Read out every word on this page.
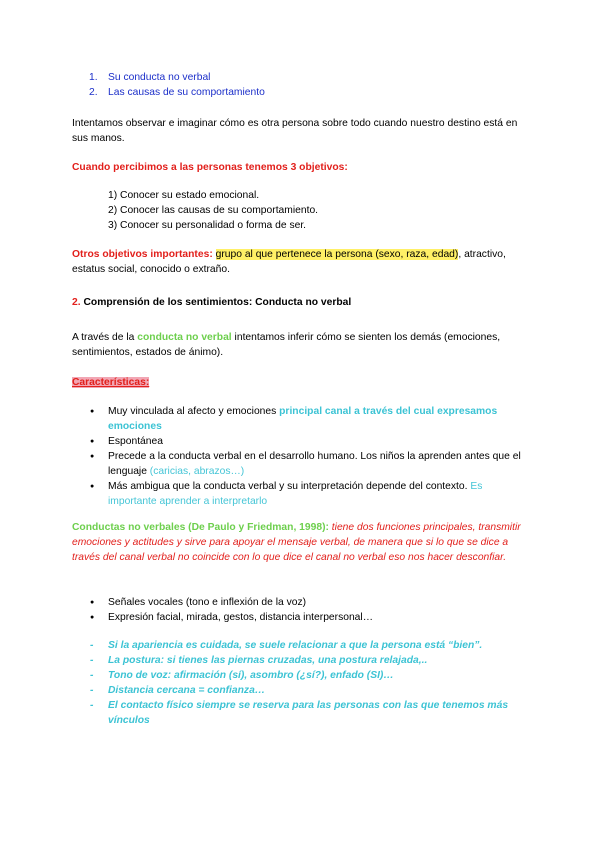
1. Su conducta no verbal
2. Las causas de su comportamiento
Intentamos observar e imaginar cómo es otra persona sobre todo cuando nuestro destino está en sus manos.
Cuando percibimos a las personas tenemos 3 objetivos:
1) Conocer su estado emocional.
2) Conocer las causas de su comportamiento.
3) Conocer su personalidad o forma de ser.
Otros objetivos importantes: grupo al que pertenece la persona (sexo, raza, edad), atractivo, estatus social, conocido o extraño.
2. Comprensión de los sentimientos: Conducta no verbal
A través de la conducta no verbal intentamos inferir cómo se sienten los demás (emociones, sentimientos, estados de ánimo).
Características:
● Muy vinculada al afecto y emociones principal canal a través del cual expresamos emociones
● Espontánea
● Precede a la conducta verbal en el desarrollo humano. Los niños la aprenden antes que el lenguaje (caricias, abrazos…)
● Más ambigua que la conducta verbal y su interpretación depende del contexto. Es importante aprender a interpretarlo
Conductas no verbales (De Paulo y Friedman, 1998): tiene dos funciones principales, transmitir emociones y actitudes y sirve para apoyar el mensaje verbal, de manera que si lo que se dice a través del canal verbal no coincide con lo que dice el canal no verbal eso nos hacer desconfiar.
● Señales vocales (tono e inflexión de la voz)
● Expresión facial, mirada, gestos, distancia interpersonal…
- Si la apariencia es cuidada, se suele relacionar a que la persona está “bien”.
- La postura: si tienes las piernas cruzadas, una postura relajada,..
- Tono de voz: afirmación (sí), asombro (¿sí?), enfado (SI)…
- Distancia cercana = confianza…
- El contacto físico siempre se reserva para las personas con las que tenemos más vínculos
